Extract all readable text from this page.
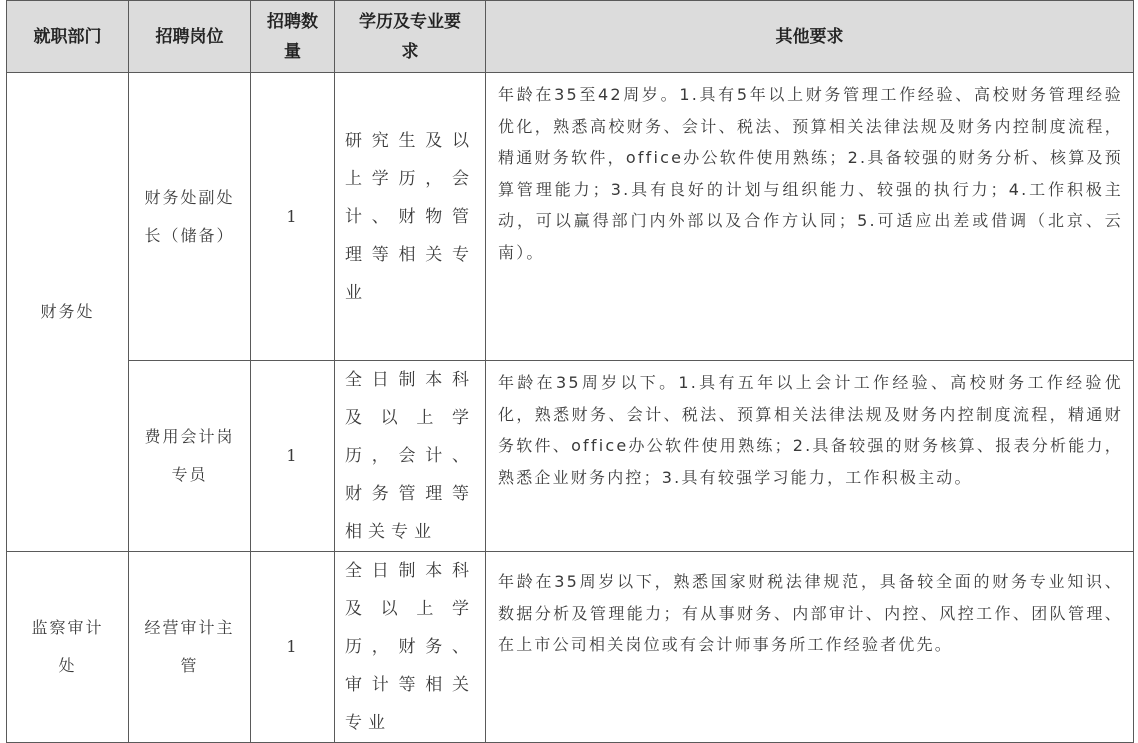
就职部门	招聘岗位	招聘数量	学历及专业要求	其他要求
财务处	财务处副处长（储备）	1	研究生及以上学历，会计、财物管理等相关专业	年龄在35至42周岁。1.具有5年以上财务管理工作经验、高校财务管理经验优化，熟悉高校财务、会计、税法、预算相关法律法规及财务内控制度流程，精通财务软件，office办公软件使用熟练；2.具备较强的财务分析、核算及预算管理能力；3.具有良好的计划与组织能力、较强的执行力；4.工作积极主动，可以赢得部门内外部以及合作方认同；5.可适应出差或借调（北京、云南）。
	费用会计岗专员	1	全日制本科及以上学历，会计、财务管理等相关专业	年龄在35周岁以下。1.具有五年以上会计工作经验、高校财务工作经验优化，熟悉财务、会计、税法、预算相关法律法规及财务内控制度流程，精通财务软件、office办公软件使用熟练；2.具备较强的财务核算、报表分析能力，熟悉企业财务内控；3.具有较强学习能力，工作积极主动。
监察审计处	经营审计主管	1	全日制本科及以上学历，财务、审计等相关专业	年龄在35周岁以下，熟悉国家财税法律规范，具备较全面的财务专业知识、数据分析及管理能力；有从事财务、内部审计、内控、风控工作、团队管理、在上市公司相关岗位或有会计师事务所工作经验者优先。
